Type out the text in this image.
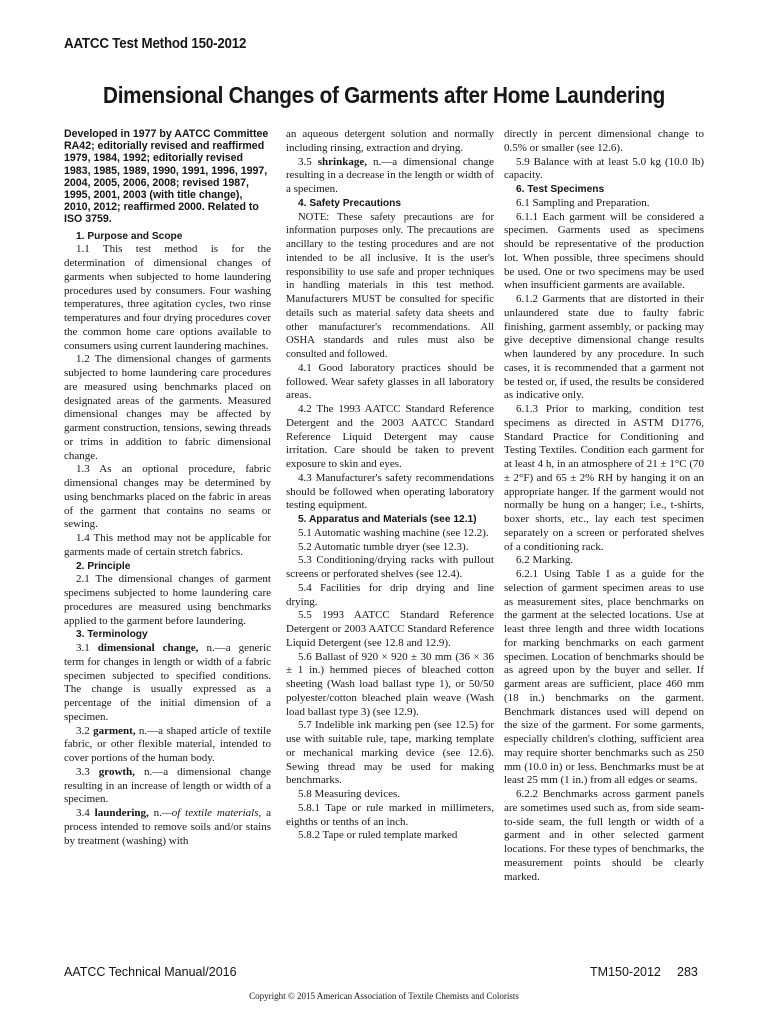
AATCC Test Method 150-2012
Dimensional Changes of Garments after Home Laundering

Developed in 1977 by AATCC Committee RA42; editorially revised and reaffirmed 1979, 1984, 1992; editorially revised 1983, 1985, 1989, 1990, 1991, 1996, 1997, 2004, 2005, 2006, 2008; revised 1987, 1995, 2001, 2003 (with title change), 2010, 2012; reaffirmed 2000. Related to ISO 3759.

1. Purpose and Scope

1.1 This test method is for the determination of dimensional changes of garments when subjected to home laundering procedures used by consumers. Four washing temperatures, three agitation cycles, two rinse temperatures and four drying procedures cover the common home care options available to consumers using current laundering machines.

1.2 The dimensional changes of garments subjected to home laundering care procedures are measured using benchmarks placed on designated areas of the garments. Measured dimensional changes may be affected by garment construction, tensions, sewing threads or trims in addition to fabric dimensional change.

1.3 As an optional procedure, fabric dimensional changes may be determined by using benchmarks placed on the fabric in areas of the garment that contains no seams or sewing.

1.4 This method may not be applicable for garments made of certain stretch fabrics.

2. Principle

2.1 The dimensional changes of garment specimens subjected to home laundering care procedures are measured using benchmarks applied to the garment before laundering.

3. Terminology

3.1 dimensional change, n.—a generic term for changes in length or width of a fabric specimen subjected to specified conditions. The change is usually expressed as a percentage of the initial dimension of a specimen.

3.2 garment, n.—a shaped article of textile fabric, or other flexible material, intended to cover portions of the human body.

3.3 growth, n.—a dimensional change resulting in an increase of length or width of a specimen.

3.4 laundering, n.—of textile materials, a process intended to remove soils and/or stains by treatment (washing) with

an aqueous detergent solution and normally including rinsing, extraction and drying.

3.5 shrinkage, n.—a dimensional change resulting in a decrease in the length or width of a specimen.

4. Safety Precautions

NOTE: These safety precautions are for information purposes only. The precautions are ancillary to the testing procedures and are not intended to be all inclusive. It is the user's responsibility to use safe and proper techniques in handling materials in this test method. Manufacturers MUST be consulted for specific details such as material safety data sheets and other manufacturer's recommendations. All OSHA standards and rules must also be consulted and followed.

4.1 Good laboratory practices should be followed. Wear safety glasses in all laboratory areas.

4.2 The 1993 AATCC Standard Reference Detergent and the 2003 AATCC Standard Reference Liquid Detergent may cause irritation. Care should be taken to prevent exposure to skin and eyes.

4.3 Manufacturer's safety recommendations should be followed when operating laboratory testing equipment.

5. Apparatus and Materials (see 12.1)

5.1 Automatic washing machine (see 12.2).

5.2 Automatic tumble dryer (see 12.3).

5.3 Conditioning/drying racks with pullout screens or perforated shelves (see 12.4).

5.4 Facilities for drip drying and line drying.

5.5 1993 AATCC Standard Reference Detergent or 2003 AATCC Standard Reference Liquid Detergent (see 12.8 and 12.9).

5.6 Ballast of 920 × 920 ± 30 mm (36 × 36 ± 1 in.) hemmed pieces of bleached cotton sheeting (Wash load ballast type 1), or 50/50 polyester/cotton bleached plain weave (Wash load ballast type 3) (see 12.9).

5.7 Indelible ink marking pen (see 12.5) for use with suitable rule, tape, marking template or mechanical marking device (see 12.6). Sewing thread may be used for making benchmarks.

5.8 Measuring devices.

5.8.1 Tape or rule marked in millimeters, eighths or tenths of an inch.

5.8.2 Tape or ruled template marked

directly in percent dimensional change to 0.5% or smaller (see 12.6).

5.9 Balance with at least 5.0 kg (10.0 lb) capacity.

6. Test Specimens

6.1 Sampling and Preparation.

6.1.1 Each garment will be considered a specimen. Garments used as specimens should be representative of the production lot. When possible, three specimens should be used. One or two specimens may be used when insufficient garments are available.

6.1.2 Garments that are distorted in their unlaundered state due to faulty fabric finishing, garment assembly, or packing may give deceptive dimensional change results when laundered by any procedure. In such cases, it is recommended that a garment not be tested or, if used, the results be considered as indicative only.

6.1.3 Prior to marking, condition test specimens as directed in ASTM D1776, Standard Practice for Conditioning and Testing Textiles. Condition each garment for at least 4 h, in an atmosphere of 21 ± 1°C (70 ± 2°F) and 65 ± 2% RH by hanging it on an appropriate hanger. If the garment would not normally be hung on a hanger; i.e., t-shirts, boxer shorts, etc., lay each test specimen separately on a screen or perforated shelves of a conditioning rack.

6.2 Marking.

6.2.1 Using Table I as a guide for the selection of garment specimen areas to use as measurement sites, place benchmarks on the garment at the selected locations. Use at least three length and three width locations for marking benchmarks on each garment specimen. Location of benchmarks should be as agreed upon by the buyer and seller. If garment areas are sufficient, place 460 mm (18 in.) benchmarks on the garment. Benchmark distances used will depend on the size of the garment. For some garments, especially children's clothing, sufficient area may require shorter benchmarks such as 250 mm (10.0 in) or less. Benchmarks must be at least 25 mm (1 in.) from all edges or seams.

6.2.2 Benchmarks across garment panels are sometimes used such as, from side seam-to-side seam, the full length or width of a garment and in other selected garment locations. For these types of benchmarks, the measurement points should be clearly marked.

AATCC Technical Manual/2016	TM150-2012 283
Copyright © 2015 American Association of Textile Chemists and Colorists
